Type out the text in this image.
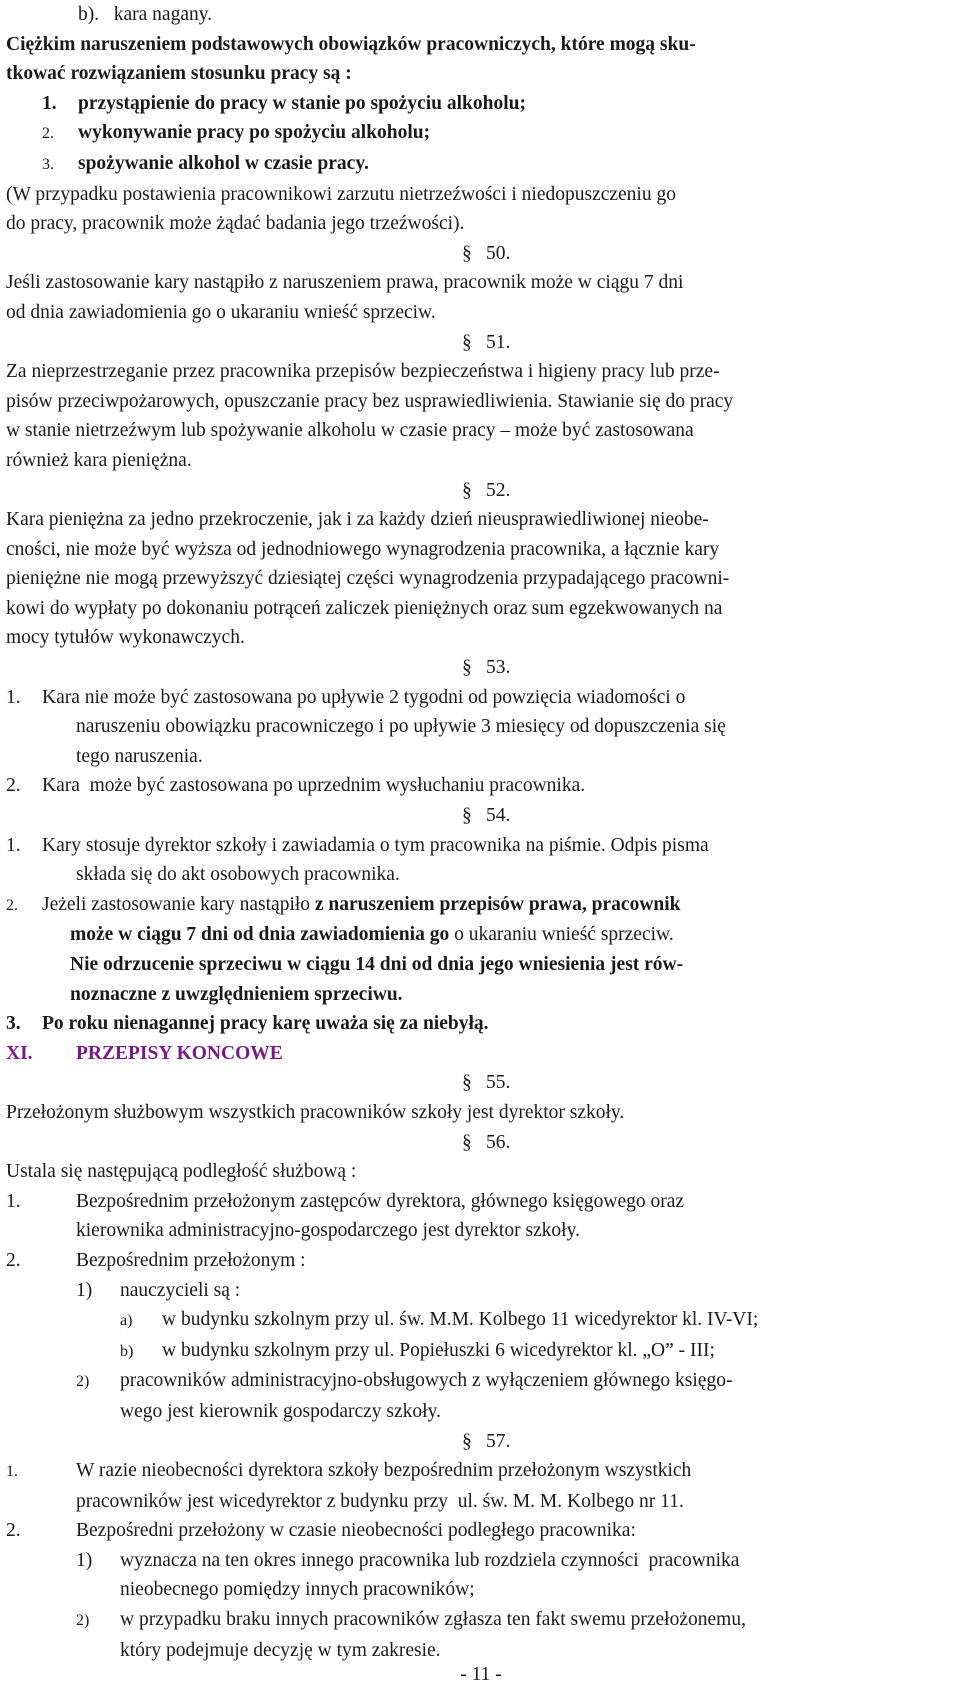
b).   kara nagany.
Ciężkim naruszeniem podstawowych obowiązków pracowniczych, które mogą sku-
tkować rozwiązaniem stosunku pracy są :
1. przystąpienie do pracy w stanie po spożyciu alkoholu;
2. wykonywanie pracy po spożyciu alkoholu;
3. spożywanie alkohol w czasie pracy.
(W przypadku postawienia pracownikowi zarzutu nietrzeźwości i niedopuszczeniu go
do pracy, pracownik może żądać badania jego trzeźwości).
§ 50.
Jeśli zastosowanie kary nastąpiło z naruszeniem prawa, pracownik może w ciągu 7 dni
od dnia zawiadomienia go o ukaraniu wnieść sprzeciw.
§ 51.
Za nieprzestrzeganie przez pracownika przepisów bezpieczeństwa i higieny pracy lub prze-
pisów przeciwpożarowych, opuszczanie pracy bez usprawiedliwienia. Stawianie się do pracy
w stanie nietrzeźwym lub spożywanie alkoholu w czasie pracy – może być zastosowana
również kara pieniężna.
§ 52.
Kara pieniężna za jedno przekroczenie, jak i za każdy dzień nieusprawiedliwionej nieobe-
cności, nie może być wyższa od jednodniowego wynagrodzenia pracownika, a łącznie kary
pieniężne nie mogą przewyższyć dziesiątej części wynagrodzenia przypadającego pracowni-
kowi do wypłaty po dokonaniu potrąceń zaliczek pieniężnych oraz sum egzekwowanych na
mocy tytułów wykonawczych.
§ 53.
1. Kara nie może być zastosowana po upływie 2 tygodni od powzięcia wiadomości o
naruszeniu obowiązku pracowniczego i po upływie 3 miesięcy od dopuszczenia się
tego naruszenia.
2. Kara  może być zastosowana po uprzednim wysłuchaniu pracownika.
§ 54.
1. Kary stosuje dyrektor szkoły i zawiadamia o tym pracownika na piśmie. Odpis pisma
składa się do akt osobowych pracownika.
2. Jeżeli zastosowanie kary nastąpiło z naruszeniem przepisów prawa, pracownik
może w ciągu 7 dni od dnia zawiadomienia go o ukaraniu wnieść sprzeciw.
Nie odrzucenie sprzeciwu w ciągu 14 dni od dnia jego wniesienia jest rów-
noznaczne z uwzględnieniem sprzeciwu.
3. Po roku nienagannej pracy karę uważa się za niebyłą.
XI. PRZEPISY KONCOWE
§ 55.
Przełożonym służbowym wszystkich pracowników szkoły jest dyrektor szkoły.
§ 56.
Ustala się następującą podległość służbową :
1.	Bezpośrednim przełożonym zastępców dyrektora, głównego księgowego oraz
kierownika administracyjno-gospodarczego jest dyrektor szkoły.
2.	Bezpośrednim przełożonym :
1) nauczycieli są :
a) w budynku szkolnym przy ul. św. M.M. Kolbego 11 wicedyrektor kl. IV-VI;
b) w budynku szkolnym przy ul. Popiełuszki 6 wicedyrektor kl. „O” - III;
2) pracowników administracyjno-obsługowych z wyłączeniem głównego księgo-
wego jest kierownik gospodarczy szkoły.
§ 57.
1.	W razie nieobecności dyrektora szkoły bezpośrednim przełożonym wszystkich
pracowników jest wicedyrektor z budynku przy  ul. św. M. M. Kolbego nr 11.
2.	Bezpośredni przełożony w czasie nieobecności podległego pracownika:
1) wyznacza na ten okres innego pracownika lub rozdziela czynności  pracownika
nieobecnego pomiędzy innych pracowników;
2) w przypadku braku innych pracowników zgłasza ten fakt swemu przełożonemu,
który podejmuje decyzję w tym zakresie.
- 11 -
